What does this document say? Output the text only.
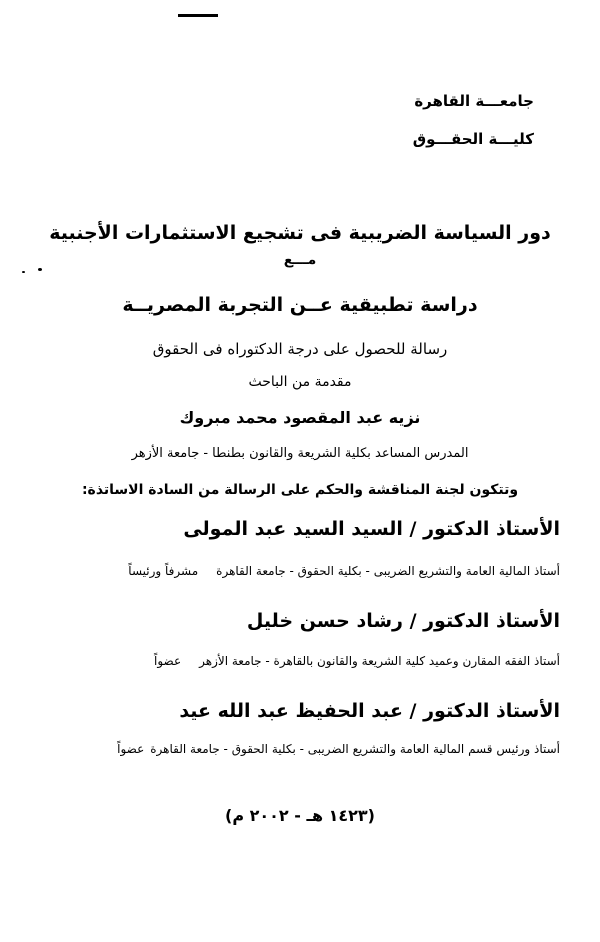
جامعـــة القاهرة
كليـــة الحقـــوق
دور السياسة الضريبية فى تشجيع الاستثمارات الأجنبية
مـــع
دراسة تطبيقية عــن التجربة المصريــة
رسالة للحصول على درجة الدكتوراه فى الحقوق
مقدمة من الباحث
نزيه عبد المقصود محمد مبروك
المدرس المساعد بكلية الشريعة والقانون بطنطا - جامعة الأزهر
وتتكون لجنة المناقشة والحكم على الرسالة من السادة الاساتذة:
الأستاذ الدكتور / السيد السيد عبد المولى
أستاذ المالية العامة والتشريع الضريبى - بكلية الحقوق - جامعة القاهرةمشرفاً ورئيساً
الأستاذ الدكتور / رشاد حسن خليل
أستاذ الفقه المقارن وعميد كلية الشريعة والقانون بالقاهرة - جامعة الأزهرعضواً
الأستاذ الدكتور / عبد الحفيظ عبد الله عيد
أستاذ ورئيس قسم المالية العامة والتشريع الضريبى - بكلية الحقوق - جامعة القاهرةعضواً
(١٤٢٣ هـ - ٢٠٠٢ م)
